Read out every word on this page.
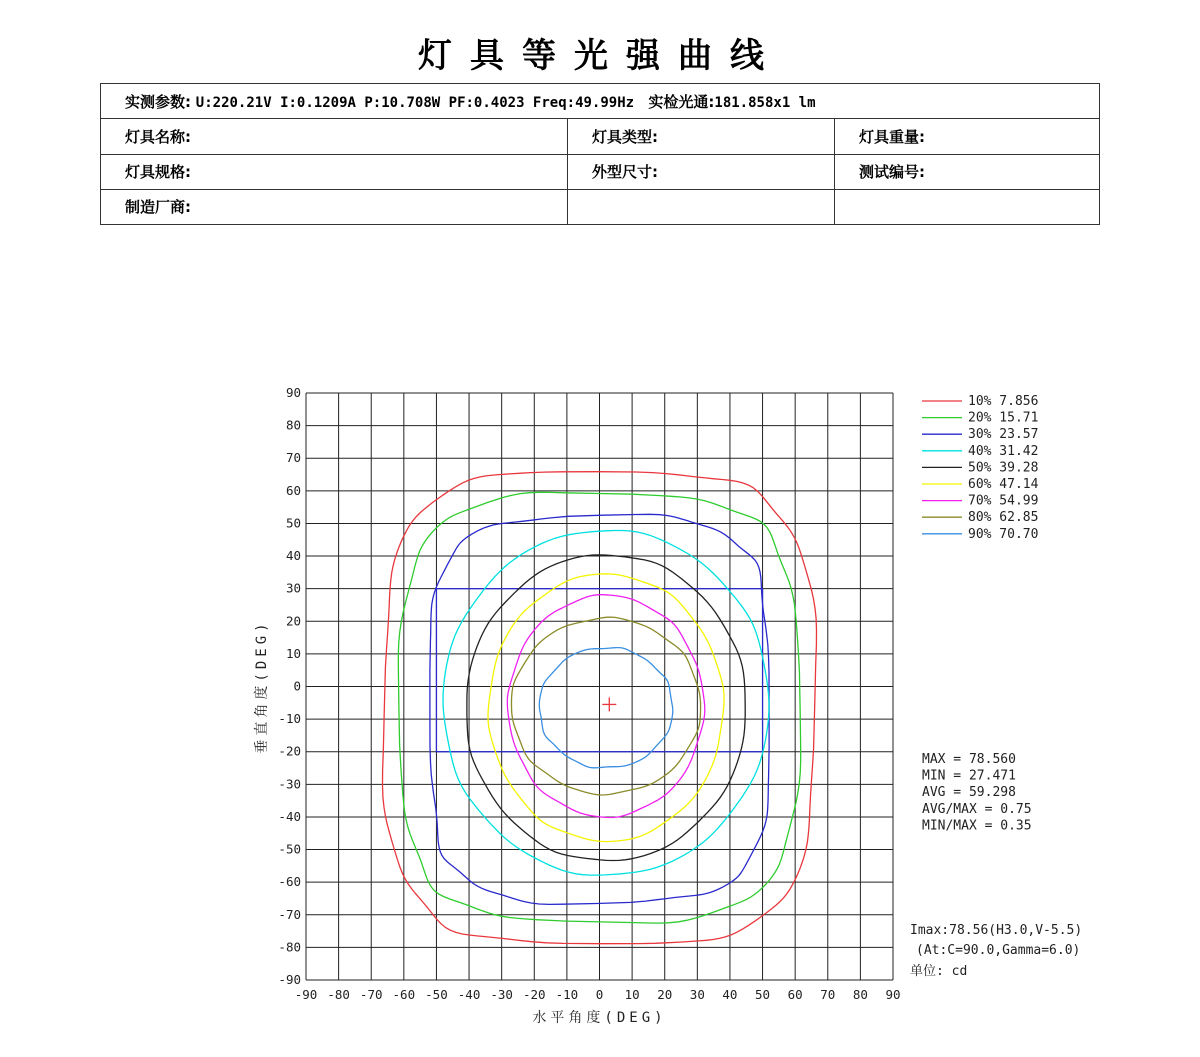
灯具等光强曲线
实测参数: U:220.21V I:0.1209A P:10.708W PF:0.4023 Freq:49.99Hz 实检光通:181.858x1 lm		
灯具名称:	灯具类型:	灯具重量:
灯具规格:	外型尺寸:	测试编号:
制造厂商:		
-90 -80 -70 -60 -50 -40 -30 -20 -10 0 10 20 30 40 50 60 70 80 90
90
80
70
60
50
40
30
20
10
0
-10
-20
-30
-40
-50
-60
-70
-80
-90
水平角度(DEG)
垂直角度(DEG)
10% 7.856
20% 15.71
30% 23.57
40% 31.42
50% 39.28
60% 47.14
70% 54.99
80% 62.85
90% 70.70
MAX = 78.560
MIN = 27.471
AVG = 59.298
AVG/MAX = 0.75
MIN/MAX = 0.35
Imax:78.56(H3.0,V-5.5)
(At:C=90.0,Gamma=6.0)
单位: cd
